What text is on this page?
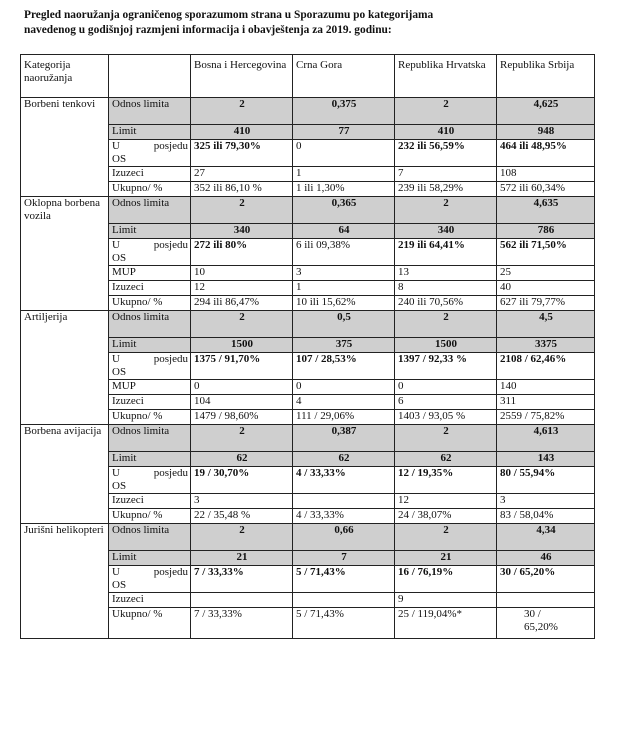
Pregled naoružanja ograničenog sporazumom strana u Sporazumu po kategorijama
navedenog u godišnjoj razmjeni informacija i obavještenja za 2019. godinu:
Kategorija naoružanja		Bosna i Hercegovina	Crna Gora	Republika Hrvatska	Republika Srbija
Borbeni tenkovi	Odnos limita	2	0,375	2	4,625
	Limit	410	77	410	948

	U posjedu
OS	325 ili 79,30%	0	232 ili 56,59%	464 ili 48,95%
	Izuzeci	27	1	7	108
	Ukupno/ %	352 ili 86,10 %	1 ili 1,30%	239 ili 58,29%	572 ili 60,34%
Oklopna borbena vozila	Odnos limita	2	0,365	2	4,635
	Limit	340	64	340	786

	U posjedu
OS	272 ili 80%	6 ili 09,38%	219 ili 64,41%	562 ili 71,50%
	MUP	10	3	13	25
	Izuzeci	12	1	8	40
	Ukupno/ %	294 ili 86,47%	10 ili 15,62%	240 ili 70,56%	627 ili 79,77%
Artiljerija	Odnos limita	2	0,5	2	4,5
	Limit	1500	375	1500	3375

	U posjedu
OS	1375 / 91,70%	107 / 28,53%	1397 / 92,33 %	2108 / 62,46%
	MUP	0	0	0	140
	Izuzeci	104	4	6	311
	Ukupno/ %	1479 / 98,60%	111 / 29,06%	1403 / 93,05 %	2559 / 75,82%
Borbena avijacija	Odnos limita	2	0,387	2	4,613
	Limit	62	62	62	143

	U posjedu
OS	19 / 30,70%	4 / 33,33%	12 / 19,35%	80 / 55,94%
	Izuzeci	3		12	3
	Ukupno/ %	22 / 35,48 %	4 / 33,33%	24 / 38,07%	83 / 58,04%
Jurišni helikopteri	Odnos limita	2	0,66	2	4,34
	Limit	21	7	21	46

	U posjedu
OS	7 / 33,33%	5 / 71,43%	16 / 76,19%	30 / 65,20%
	Izuzeci			9	
	Ukupno/ %	7 / 33,33%	5 / 71,43%	25 / 119,04%*	30 /
65,20%
